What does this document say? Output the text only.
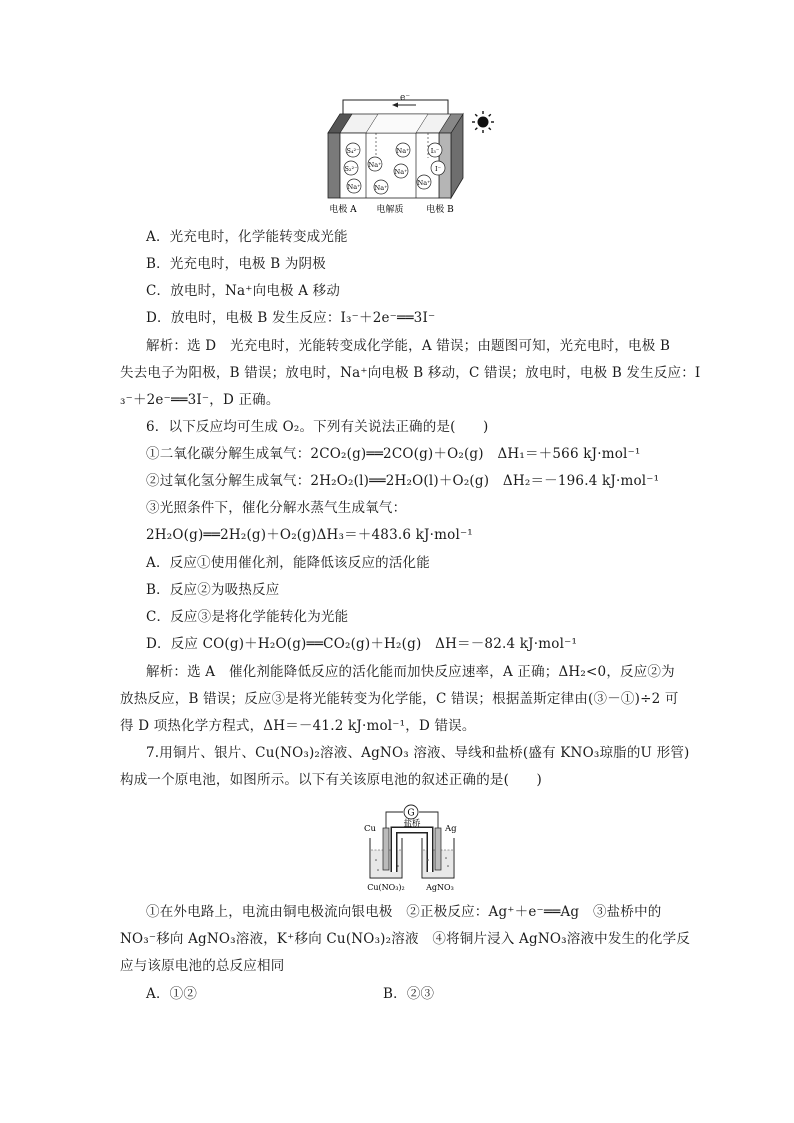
e⁻
S₄²⁻
S₂²⁻
Na⁺
Na⁺
Na⁺
Na⁺
Na⁺
I₃⁻
I⁻
Na⁺
电极 A 电解质	电极 B
A．光充电时，化学能转变成光能
B．光充电时，电极 B 为阴极
C．放电时，Na⁺向电极 A 移动
D．放电时，电极 B 发生反应：I₃⁻＋2e⁻══3I⁻
解析：选 D　光充电时，光能转变成化学能，A 错误；由题图可知，光充电时，电极 B
失去电子为阳极，B 错误；放电时，Na⁺向电极 B 移动，C 错误；放电时，电极 B 发生反应：I
₃⁻＋2e⁻══3I⁻，D 正确。
6．以下反应均可生成 O₂。下列有关说法正确的是(　　)
①二氧化碳分解生成氧气：2CO₂(g)══2CO(g)＋O₂(g)　ΔH₁＝＋566 kJ·mol⁻¹
②过氧化氢分解生成氧气：2H₂O₂(l)══2H₂O(l)＋O₂(g)　ΔH₂＝－196.4 kJ·mol⁻¹
③光照条件下，催化分解水蒸气生成氧气：
2H₂O(g)══2H₂(g)＋O₂(g)ΔH₃＝＋483.6 kJ·mol⁻¹
A．反应①使用催化剂，能降低该反应的活化能
B．反应②为吸热反应
C．反应③是将化学能转化为光能
D．反应 CO(g)＋H₂O(g)══CO₂(g)＋H₂(g)　ΔH＝－82.4 kJ·mol⁻¹
解析：选 A　催化剂能降低反应的活化能而加快反应速率，A 正确；ΔH₂<0，反应②为
放热反应，B 错误；反应③是将光能转变为化学能，C 错误；根据盖斯定律由(③－①)÷2 可
得 D 项热化学方程式，ΔH＝－41.2 kJ·mol⁻¹，D 错误。
7.用铜片、银片、Cu(NO₃)₂溶液、AgNO₃ 溶液、导线和盐桥(盛有 KNO₃琼脂的U 形管)
构成一个原电池，如图所示。以下有关该原电池的叙述正确的是(　　)
G
盐桥
Cu	Ag
Cu(NO₃)₂	AgNO₃
①在外电路上，电流由铜电极流向银电极　②正极反应：Ag⁺＋e⁻══Ag　③盐桥中的
NO₃⁻移向 AgNO₃溶液，K⁺移向 Cu(NO₃)₂溶液　④将铜片浸入 AgNO₃溶液中发生的化学反
应与该原电池的总反应相同
A．①②	B．②③
